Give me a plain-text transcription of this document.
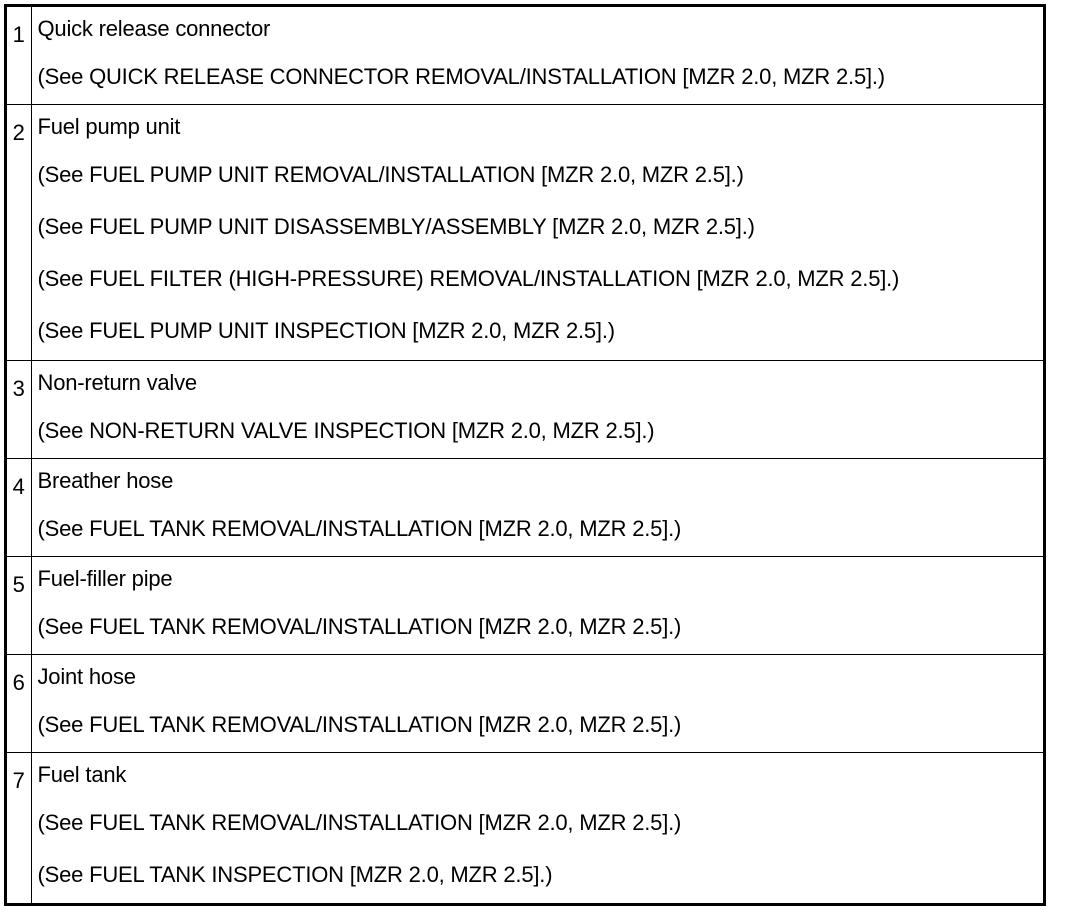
1	Quick release connector
(See QUICK RELEASE CONNECTOR REMOVAL/INSTALLATION [MZR 2.0, MZR 2.5].)

2	Fuel pump unit
(See FUEL PUMP UNIT REMOVAL/INSTALLATION [MZR 2.0, MZR 2.5].)
(See FUEL PUMP UNIT DISASSEMBLY/ASSEMBLY [MZR 2.0, MZR 2.5].)
(See FUEL FILTER (HIGH-PRESSURE) REMOVAL/INSTALLATION [MZR 2.0, MZR 2.5].)
(See FUEL PUMP UNIT INSPECTION [MZR 2.0, MZR 2.5].)

3	Non-return valve
(See NON-RETURN VALVE INSPECTION [MZR 2.0, MZR 2.5].)

4	Breather hose
(See FUEL TANK REMOVAL/INSTALLATION [MZR 2.0, MZR 2.5].)

5	Fuel-filler pipe
(See FUEL TANK REMOVAL/INSTALLATION [MZR 2.0, MZR 2.5].)

6	Joint hose
(See FUEL TANK REMOVAL/INSTALLATION [MZR 2.0, MZR 2.5].)

7	Fuel tank
(See FUEL TANK REMOVAL/INSTALLATION [MZR 2.0, MZR 2.5].)
(See FUEL TANK INSPECTION [MZR 2.0, MZR 2.5].)
